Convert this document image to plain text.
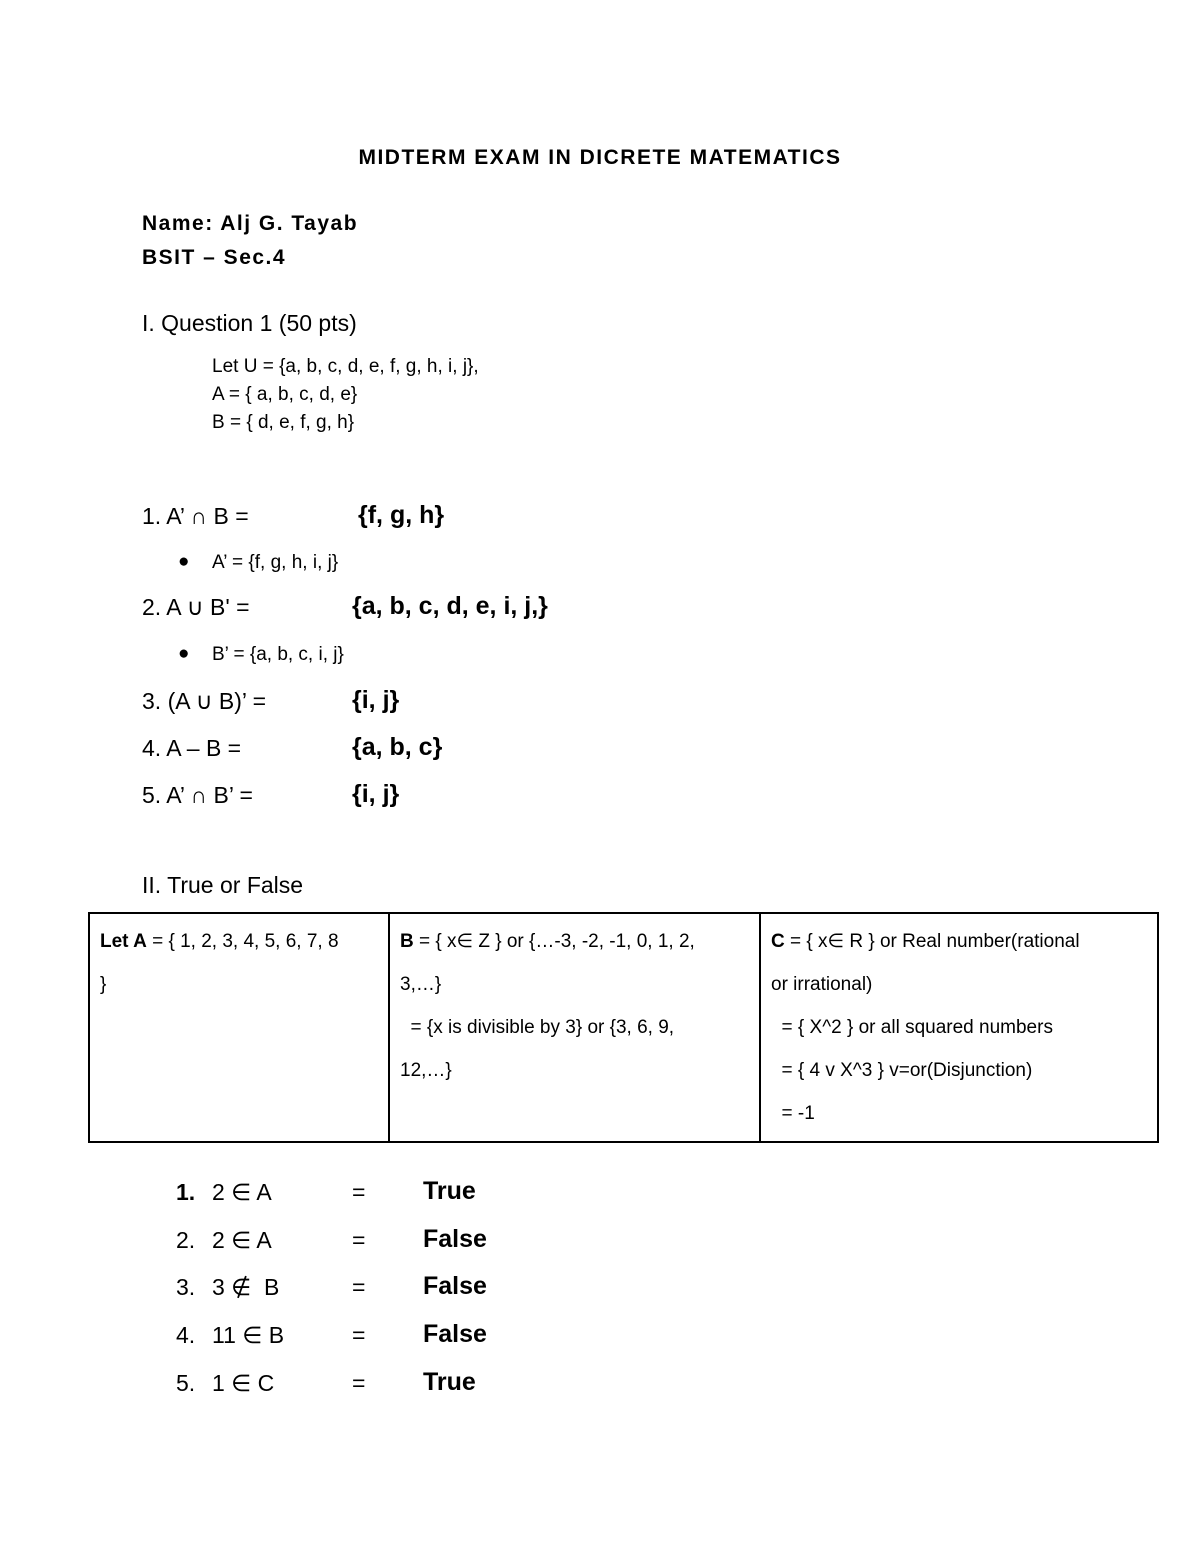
MIDTERM EXAM IN DICRETE MATEMATICS
Name: Alj G. Tayab
BSIT – Sec.4
I. Question 1 (50 pts)
Let U = {a, b, c, d, e, f, g, h, i, j},
A = { a, b, c, d, e}
B = { d, e, f, g, h}
1. A’ ∩ B =	{f, g, h}
● A’ = {f, g, h, i, j}
2. A ∪ B' =	{a, b, c, d, e, i, j,}
● B’ = {a, b, c, i, j}
3. (A ∪ B)’ =	{i, j}
4. A – B =	{a, b, c}
5. A’ ∩ B’ =	{i, j}
II. True or False
Let A = { 1, 2, 3, 4, 5, 6, 7, 8
}
	B = { x∈ Z } or {…-3, -2, -1, 0, 1, 2,
3,…}
= {x is divisible by 3} or {3, 6, 9,
12,…}
	C = { x∈ R } or Real number(rational
or irrational)
= { X^2 } or all squared numbers
= { 4 v X^3 } v=or(Disjunction)
= -1
1. 2 ∈ A	= True
2. 2 ∈ A	= False
3. 3 ∉  B	= False
4. 11 ∈ B	= False
5. 1 ∈ C	= True
